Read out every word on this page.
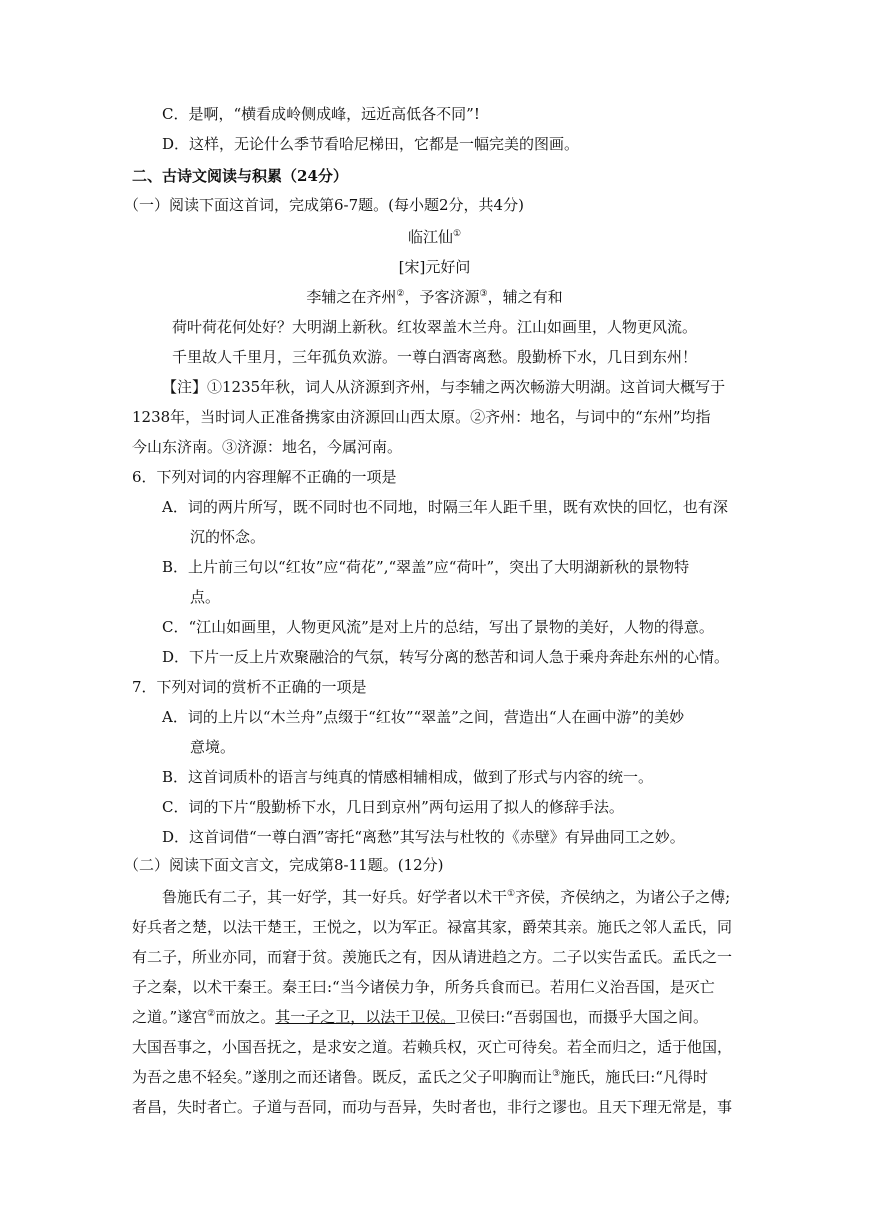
C．是啊，“横看成岭侧成峰，远近高低各不同”!
D．这样，无论什么季节看哈尼梯田，它都是一幅完美的图画。
二、古诗文阅读与积累（24分）
（一）阅读下面这首词，完成第6-7题。(每小题2分，共4分)
临江仙①
[宋]元好问
李辅之在齐州②，予客济源③，辅之有和
荷叶荷花何处好？大明湖上新秋。红妆翠盖木兰舟。江山如画里，人物更风流。
千里故人千里月，三年孤负欢游。一尊白酒寄离愁。殷勤桥下水，几日到东州！
【注】①1235年秋，词人从济源到齐州，与李辅之两次畅游大明湖。这首词大概写于
1238年，当时词人正准备携家由济源回山西太原。②齐州：地名，与词中的“东州”均指
今山东济南。③济源：地名，今属河南。
6．下列对词的内容理解不正确的一项是
A．词的两片所写，既不同时也不同地，时隔三年人距千里，既有欢快的回忆，也有深
沉的怀念。
B．上片前三句以“红妆”应“荷花”,“翠盖”应“荷叶”，突出了大明湖新秋的景物特
点。
C．“江山如画里，人物更风流”是对上片的总结，写出了景物的美好，人物的得意。
D．下片一反上片欢聚融洽的气氛，转写分离的愁苦和词人急于乘舟奔赴东州的心情。
7．下列对词的赏析不正确的一项是
A．词的上片以“木兰舟”点缀于“红妆”“翠盖”之间，营造出“人在画中游”的美妙
意境。
B．这首词质朴的语言与纯真的情感相辅相成，做到了形式与内容的统一。
C．词的下片“殷勤桥下水，几日到京州”两句运用了拟人的修辞手法。
D．这首词借“一尊白酒”寄托“离愁”其写法与杜牧的《赤壁》有异曲同工之妙。
（二）阅读下面文言文，完成第8-11题。(12分)
鲁施氏有二子，其一好学，其一好兵。好学者以术干①齐侯，齐侯纳之，为诸公子之傅;
好兵者之楚，以法干楚王，王悦之，以为军正。禄富其家，爵荣其亲。施氏之邻人孟氏，同
有二子，所业亦同，而窘于贫。羡施氏之有，因从请进趋之方。二子以实告孟氏。孟氏之一
子之秦，以术干秦王。秦王曰:“当今诸侯力争，所务兵食而已。若用仁义治吾国，是灭亡
之道。”遂宫②而放之。其一子之卫，以法干卫侯。卫侯曰:“吾弱国也，而摄乎大国之间。
大国吾事之，小国吾抚之，是求安之道。若赖兵权，灭亡可待矣。若全而归之，适于他国，
为吾之患不轻矣。”遂刖之而还诸鲁。既反，孟氏之父子叩胸而让③施氏，施氏曰:“凡得时
者昌，失时者亡。子道与吾同，而功与吾异，失时者也，非行之谬也。且天下理无常是，事
